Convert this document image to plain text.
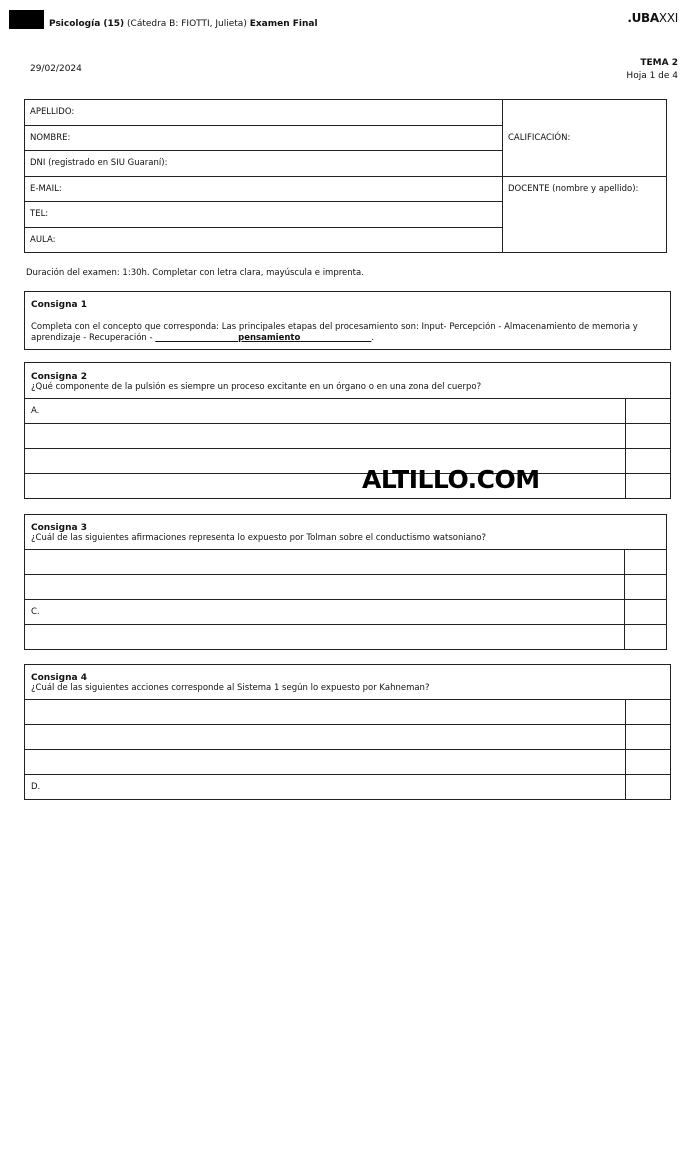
Psicología (15) (Cátedra B: FIOTTI, Julieta) Examen Final	.UBAXXI
29/02/2024
TEMA 2
Hoja 1 de 4
APELLIDO:	CALIFICACIÓN:
NOMBRE:	
DNI (registrado en SIU Guaraní):	
E-MAIL:	DOCENTE (nombre y apellido):
TEL:	
AULA:	
Duración del examen: 1:30h. Completar con letra clara, mayúscula e imprenta.
Consigna 1
Completa con el concepto que corresponda: Las principales etapas del procesamiento son: Input- Percepción - Almacenamiento de memoria y aprendizaje - Recuperación -	pensamiento	.
Consigna 2
¿Qué componente de la pulsión es siempre un proceso excitante en un órgano o en una zona del cuerpo?
A.	

ALTILLO.COM
Consigna 3
¿Cuál de las siguientes afirmaciones representa lo expuesto por Tolman sobre el conductismo watsoniano?

C.	

Consigna 4
¿Cuál de las siguientes acciones corresponde al Sistema 1 según lo expuesto por Kahneman?

D.	
